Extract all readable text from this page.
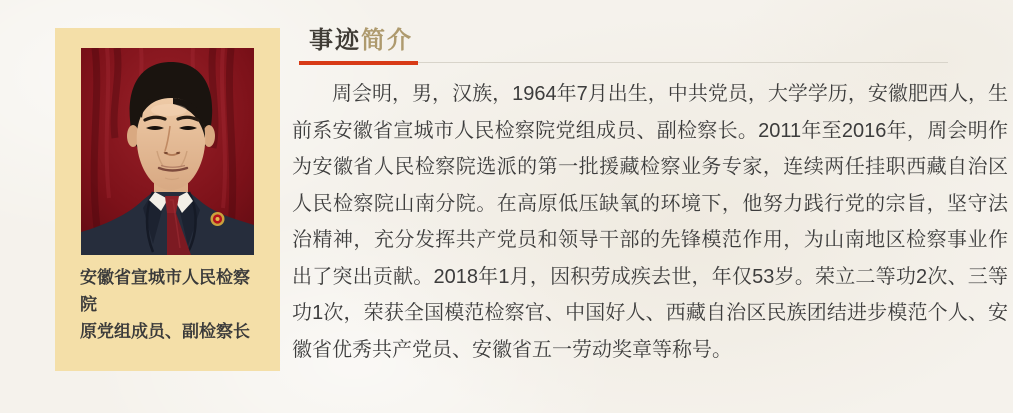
安徽省宣城市人民检察院
原党组成员、副检察长
事迹简介

周会明，男，汉族，1964年7月出生，中共党员，大学学历，安徽肥西人，生前系安徽省宣城市人民检察院党组成员、副检察长。2011年至2016年，周会明作为安徽省人民检察院选派的第一批援藏检察业务专家，连续两任挂职西藏自治区人民检察院山南分院。在高原低压缺氧的环境下，他努力践行党的宗旨，坚守法治精神，充分发挥共产党员和领导干部的先锋模范作用，为山南地区检察事业作出了突出贡献。2018年1月，因积劳成疾去世，年仅53岁。荣立二等功2次、三等功1次，荣获全国模范检察官、中国好人、西藏自治区民族团结进步模范个人、安徽省优秀共产党员、安徽省五一劳动奖章等称号。
